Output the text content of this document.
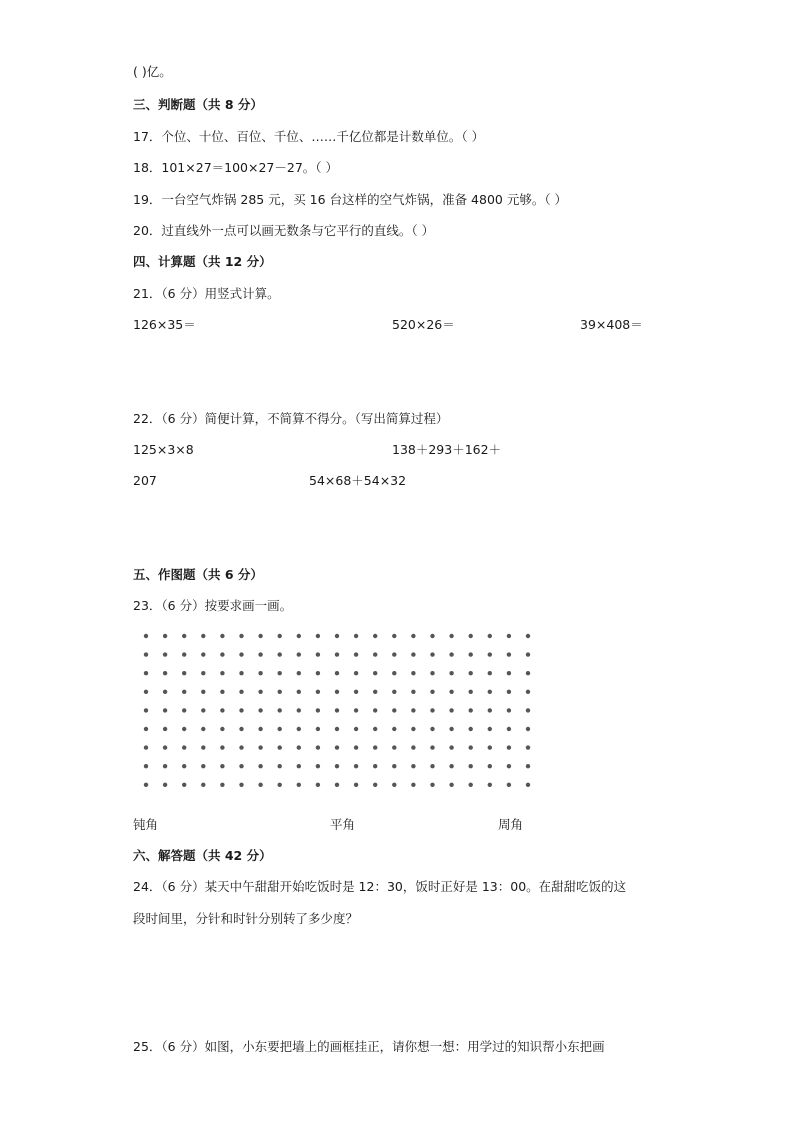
( )亿。
三、判断题（共 8 分）
17．个位、十位、百位、千位、……千亿位都是计数单位。（ ）
18．101×27＝100×27－27。（ ）
19．一台空气炸锅 285 元，买 16 台这样的空气炸锅，准备 4800 元够。（ ）
20．过直线外一点可以画无数条与它平行的直线。（ ）
四、计算题（共 12 分）
21．（6 分）用竖式计算。
126×35＝	520×26＝	39×408＝
22．（6 分）简便计算，不简算不得分。（写出简算过程）
125×3×8	138＋293＋162＋
207	54×68＋54×32
五、作图题（共 6 分）
23．（6 分）按要求画一画。
钝角	平角	周角
六、解答题（共 42 分）
24．（6 分）某天中午甜甜开始吃饭时是 12：30，饭时正好是 13：00。在甜甜吃饭的这
段时间里，分针和时针分别转了多少度？
25．（6 分）如图，小东要把墙上的画框挂正，请你想一想：用学过的知识帮小东把画
